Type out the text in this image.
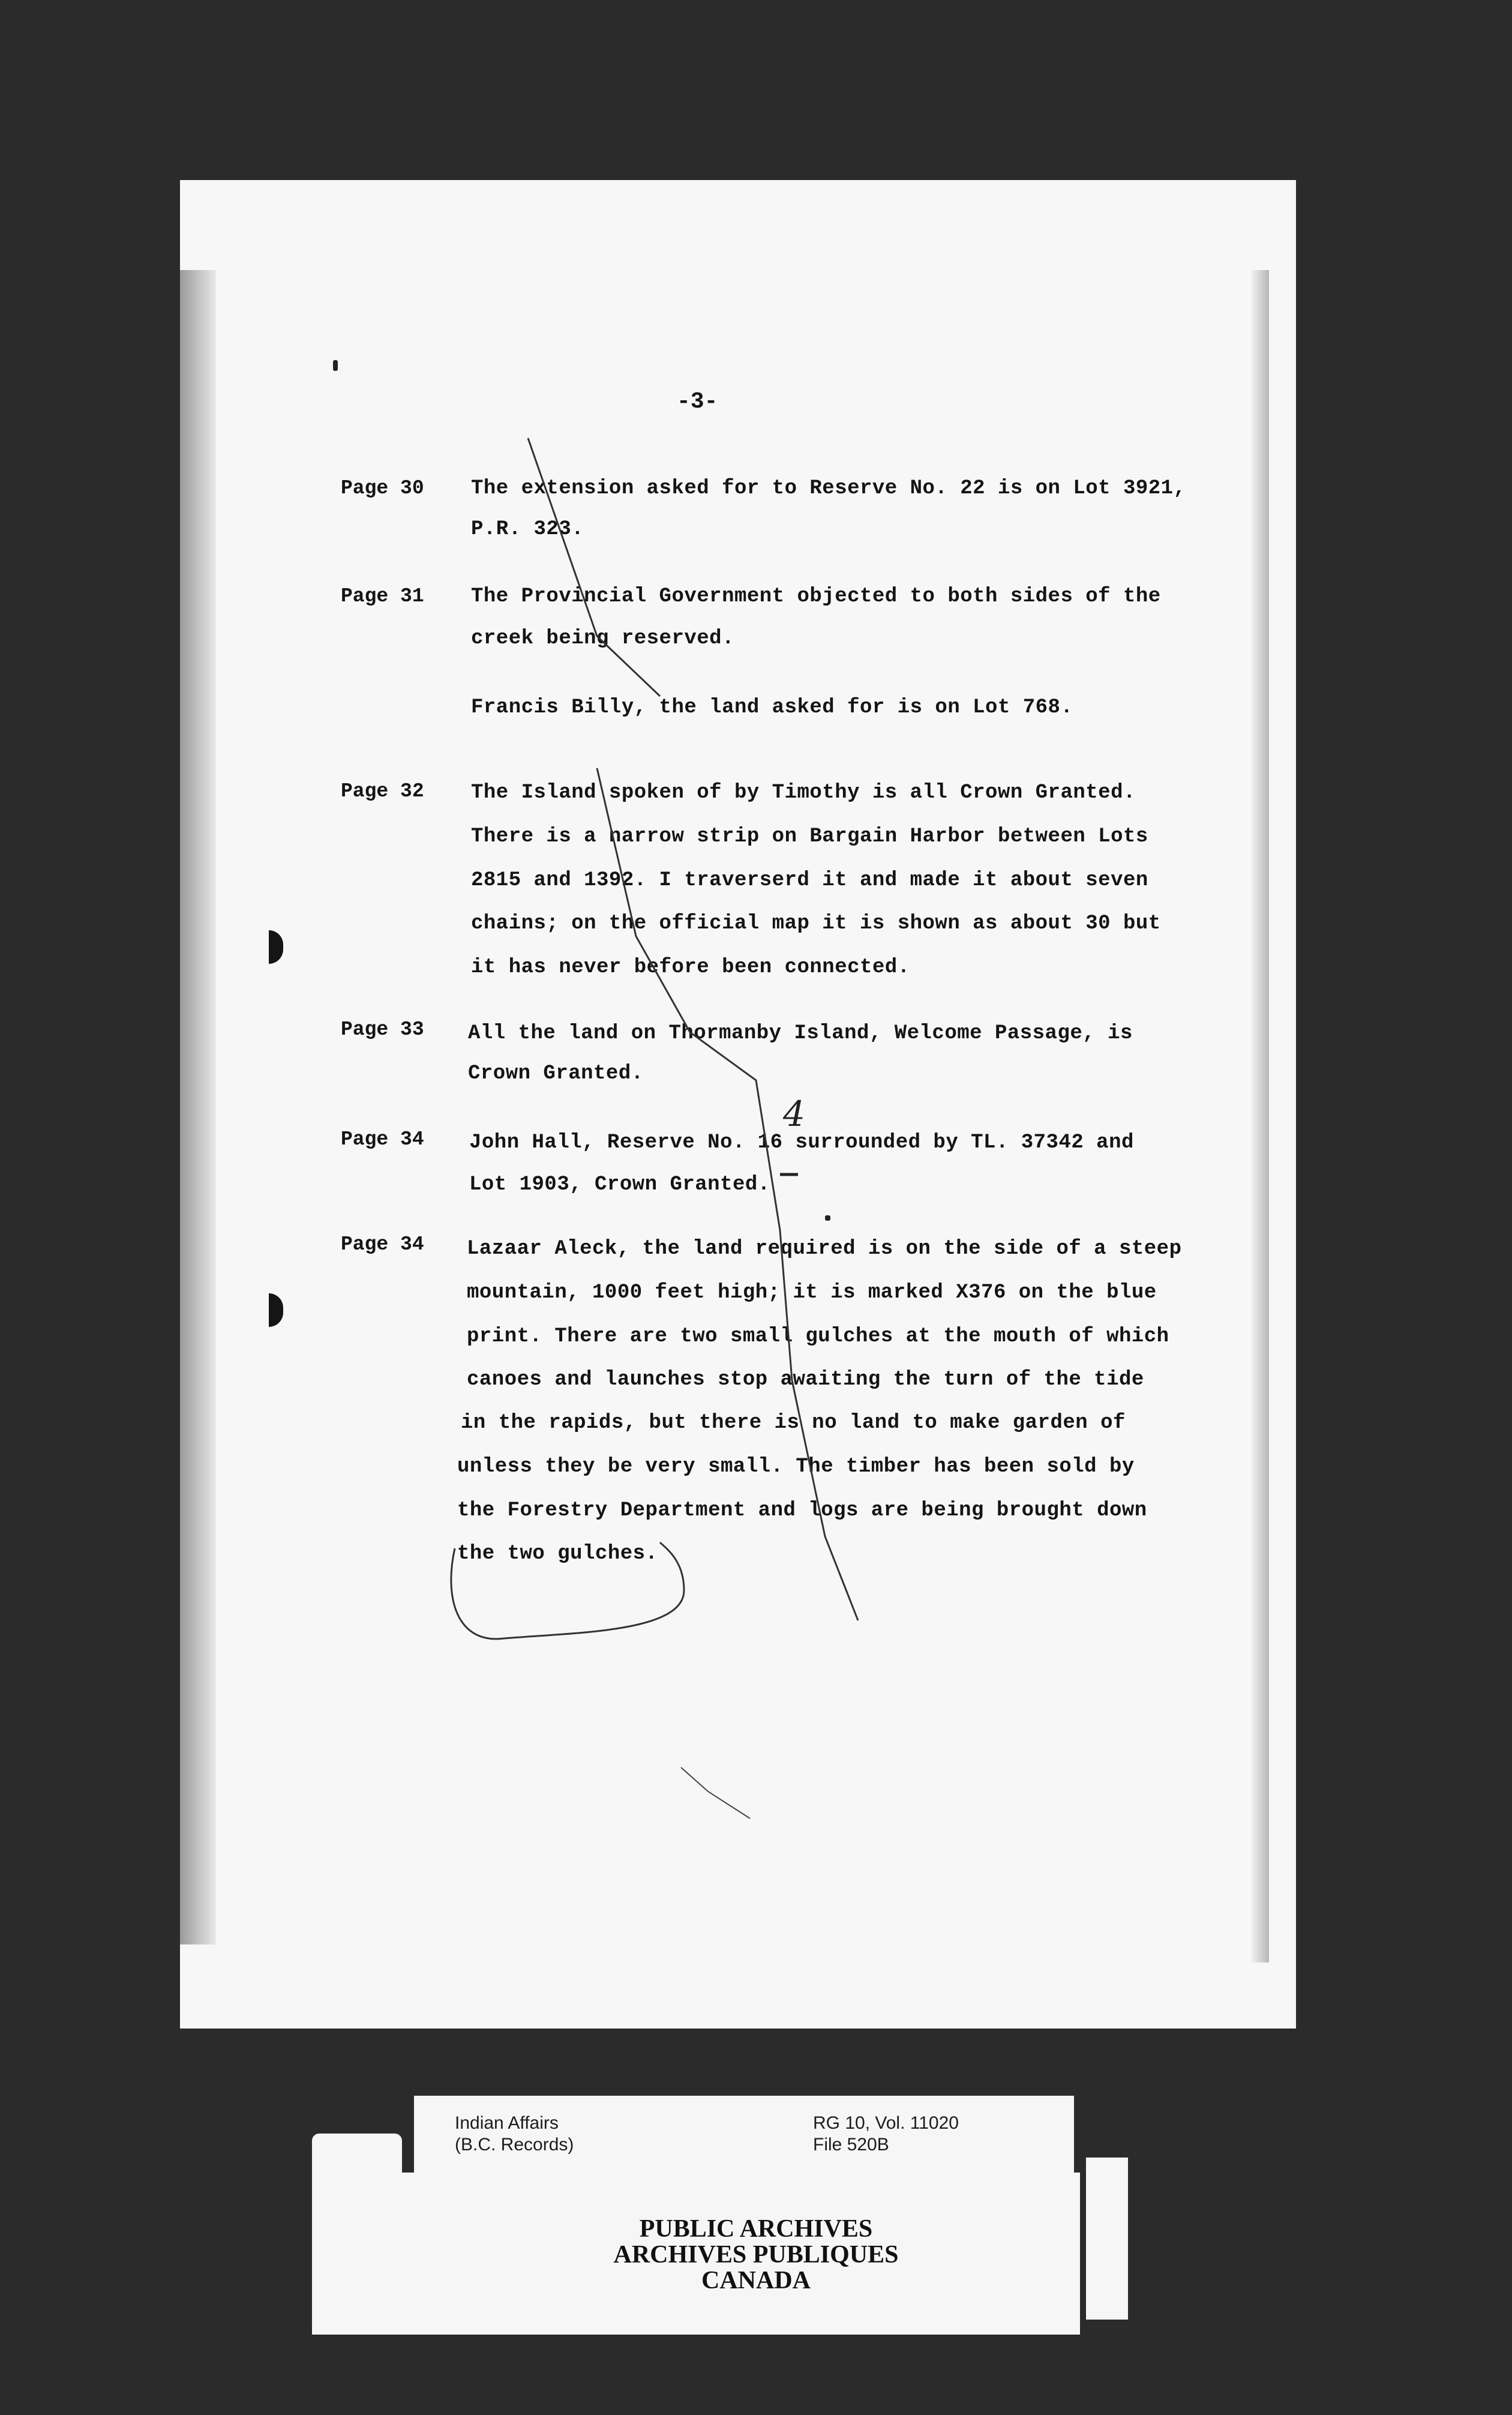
-3-
Page 30 The extension asked for to Reserve No. 22 is on Lot 3921,
P.R. 323.
Page 31 The Provincial Government objected to both sides of the
creek being reserved.
Francis Billy, the land asked for is on Lot 768.
Page 32 The Island spoken of by Timothy is all Crown Granted.
There is a narrow strip on Bargain Harbor between Lots
2815 and 1392. I traverserd it and made it about seven
chains; on the official map it is shown as about 30 but
it has never before been connected.
Page 33 All the land on Thormanby Island, Welcome Passage, is
Crown Granted.
Page 34 John Hall, Reserve No. 16 surrounded by TL. 37342 and
Lot 1903, Crown Granted.
Page 34 Lazaar Aleck, the land required is on the side of a steep
mountain, 1000 feet high; it is marked X376 on the blue
print. There are two small gulches at the mouth of which
canoes and launches stop awaiting the turn of the tide
in the rapids, but there is no land to make garden of
unless they be very small. The timber has been sold by
the Forestry Department and logs are being brought down
the two gulches.
4
Indian Affairs
(B.C. Records)
RG 10, Vol. 11020
File 520B
PUBLIC ARCHIVES
ARCHIVES PUBLIQUES
CANADA
